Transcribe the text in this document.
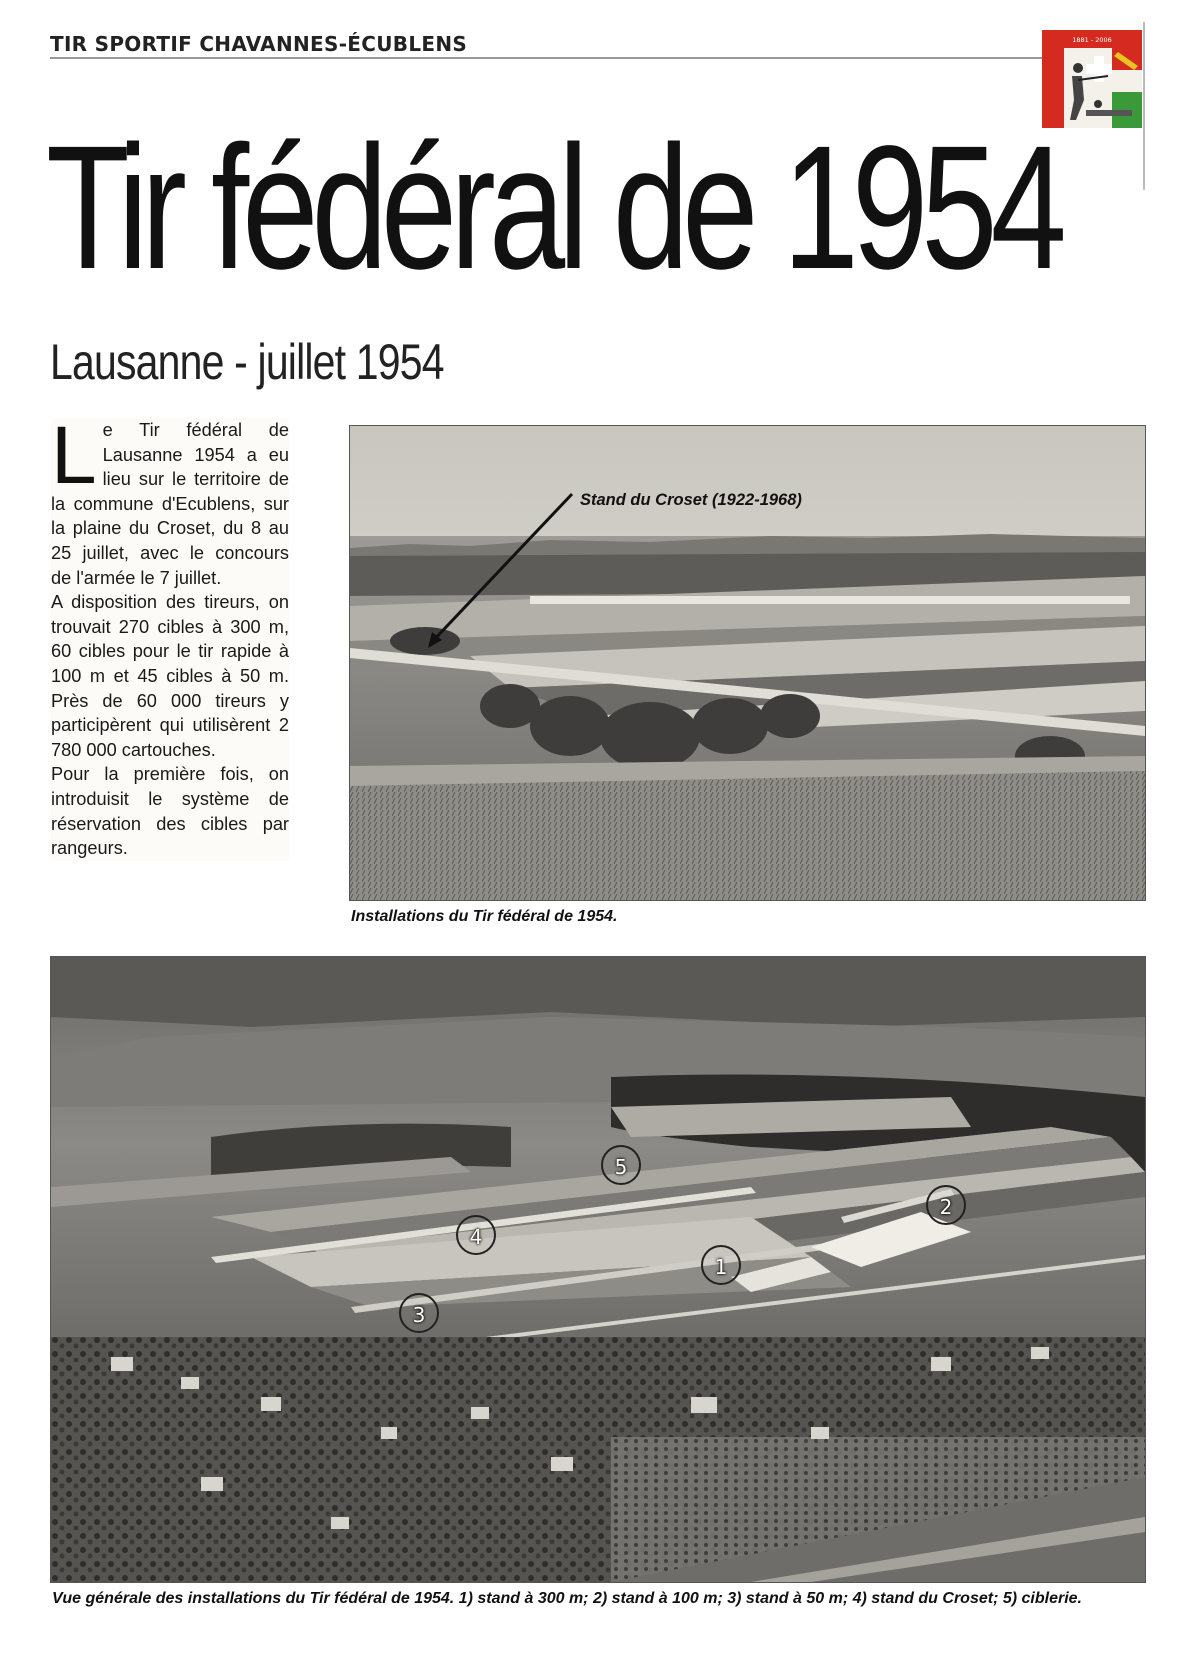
TIR SPORTIF CHAVANNES-ÉCUBLENS	1881 - 2006
Tir fédéral de 1954
Lausanne - juillet 1954
L e Tir fédéral de Lausanne 1954 a eu lieu sur le territoire de la commune d'Ecublens, sur la plaine du Croset, du 8 au 25 juillet, avec le concours de l'armée le 7 juillet.

A disposition des tireurs, on trouvait 270 cibles à 300 m, 60 cibles pour le tir rapide à 100 m et 45 cibles à 50 m. Près de 60 000 tireurs y participèrent qui utilisèrent 2 780 000 cartouches.

Pour la première fois, on introduisit le système de réservation des cibles par rangeurs.

Stand du Croset (1922-1968)
Installations du Tir fédéral de 1954.
1
2
3
4
5
Vue générale des installations du Tir fédéral de 1954. 1) stand à 300 m; 2) stand à 100 m; 3) stand à 50 m; 4) stand du Croset; 5) ciblerie.
